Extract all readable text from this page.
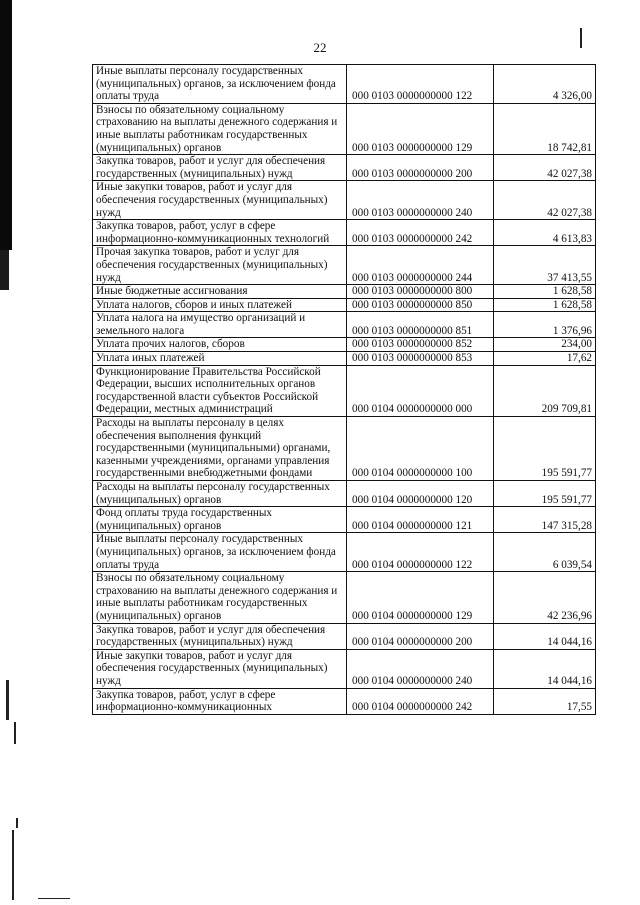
22
Иные выплаты персоналу государственных (муниципальных) органов, за исключением фонда оплаты труда	000 0103 0000000000 122	4 326,00
Взносы по обязательному социальному страхованию на выплаты денежного содержания и иные выплаты работникам государственных (муниципальных) органов	000 0103 0000000000 129	18 742,81
Закупка товаров, работ и услуг для обеспечения государственных (муниципальных) нужд	000 0103 0000000000 200	42 027,38
Иные закупки товаров, работ и услуг для обеспечения государственных (муниципальных) нужд	000 0103 0000000000 240	42 027,38
Закупка товаров, работ, услуг в сфере информационно-коммуникационных технологий	000 0103 0000000000 242	4 613,83
Прочая закупка товаров, работ и услуг для обеспечения государственных (муниципальных) нужд	000 0103 0000000000 244	37 413,55
Иные бюджетные ассигнования	000 0103 0000000000 800	1 628,58
Уплата налогов, сборов и иных платежей	000 0103 0000000000 850	1 628,58
Уплата налога на имущество организаций и земельного налога	000 0103 0000000000 851	1 376,96
Уплата прочих налогов, сборов	000 0103 0000000000 852	234,00
Уплата иных платежей	000 0103 0000000000 853	17,62
Функционирование Правительства Российской Федерации, высших исполнительных органов государственной власти субъектов Российской Федерации, местных администраций	000 0104 0000000000 000	209 709,81
Расходы на выплаты персоналу в целях обеспечения выполнения функций государственными (муниципальными) органами, казенными учреждениями, органами управления государственными внебюджетными фондами	000 0104 0000000000 100	195 591,77
Расходы на выплаты персоналу государственных (муниципальных) органов	000 0104 0000000000 120	195 591,77
Фонд оплаты труда государственных (муниципальных) органов	000 0104 0000000000 121	147 315,28
Иные выплаты персоналу государственных (муниципальных) органов, за исключением фонда оплаты труда	000 0104 0000000000 122	6 039,54
Взносы по обязательному социальному страхованию на выплаты денежного содержания и иные выплаты работникам государственных (муниципальных) органов	000 0104 0000000000 129	42 236,96
Закупка товаров, работ и услуг для обеспечения государственных (муниципальных) нужд	000 0104 0000000000 200	14 044,16
Иные закупки товаров, работ и услуг для обеспечения государственных (муниципальных) нужд	000 0104 0000000000 240	14 044,16
Закупка товаров, работ, услуг в сфере информационно-коммуникационных	000 0104 0000000000 242	17,55
